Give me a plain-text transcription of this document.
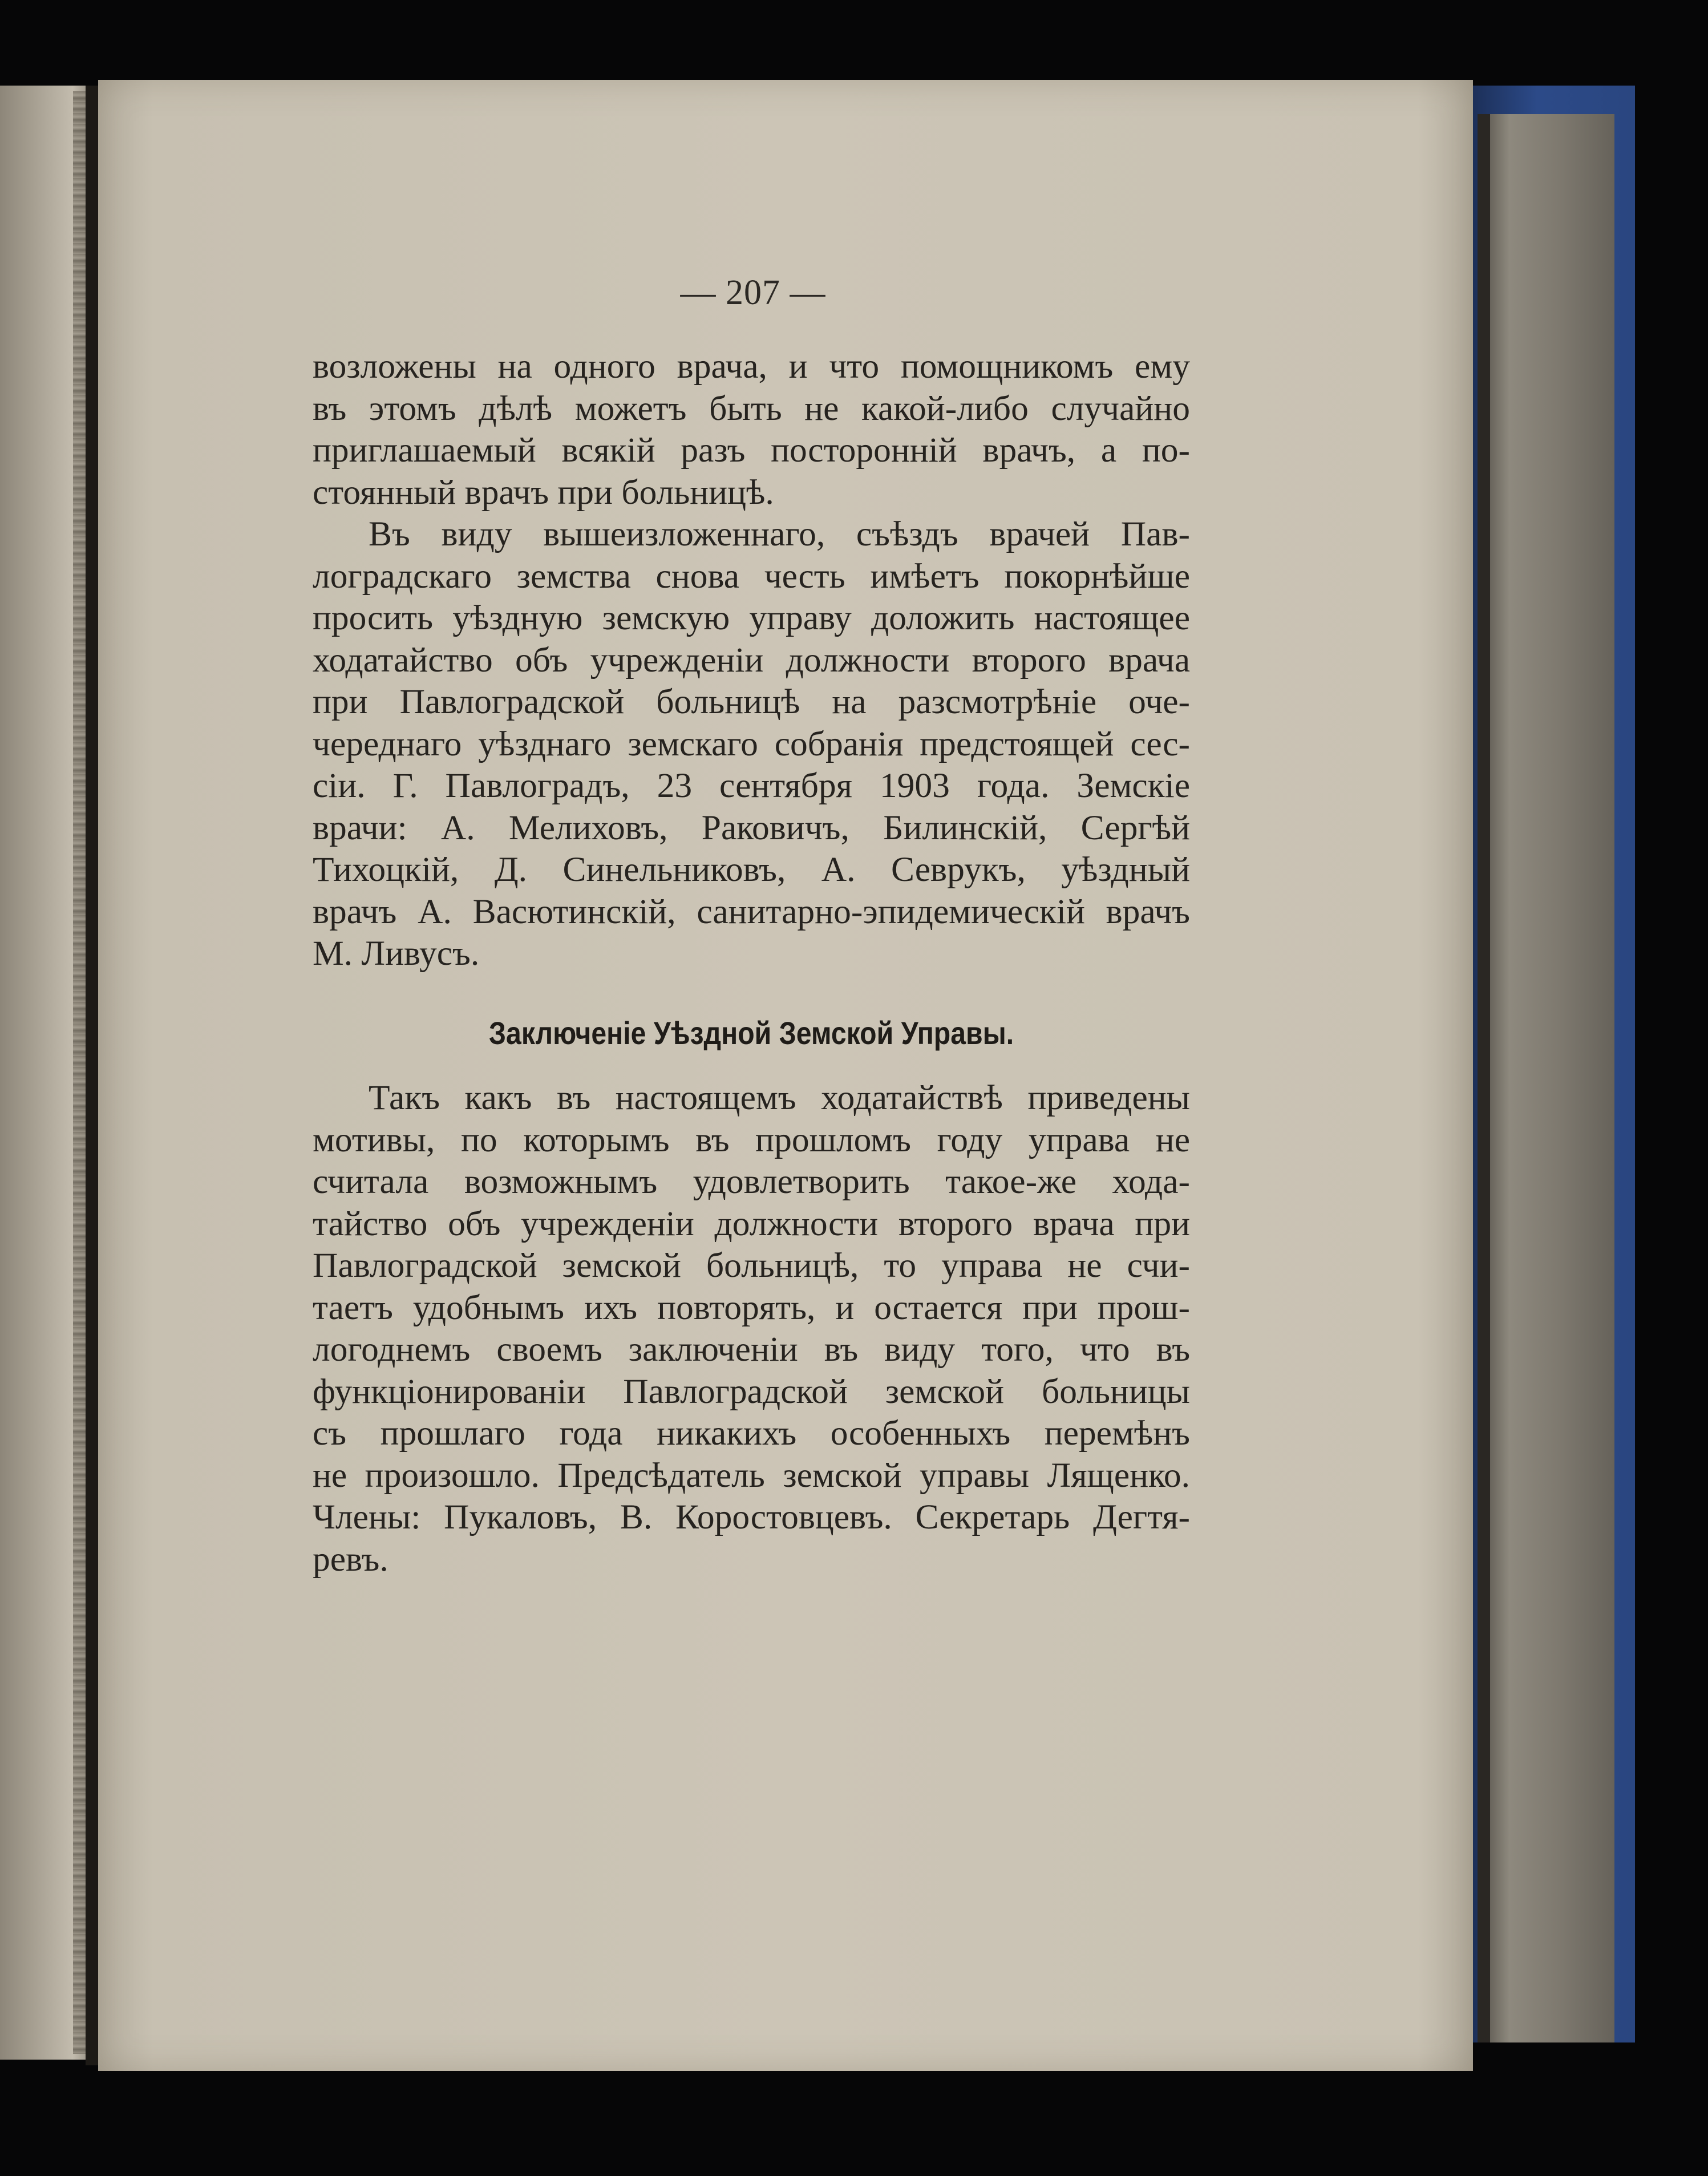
— 207 —
возложены на одного врача, и что помощникомъ ему
въ этомъ дѣлѣ можетъ быть не какой-либо случайно
приглашаемый всякій разъ посторонній врачъ, а по-
стоянный врачъ при больницѣ.
Въ виду вышеизложеннаго, съѣздъ врачей Пав-
лоградскаго земства снова честь имѣетъ покорнѣйше
просить уѣздную земскую управу доложить настоящее
ходатайство объ учрежденіи должности второго врача
при Павлоградской больницѣ на разсмотрѣніе оче-
череднаго уѣзднаго земскаго собранія предстоящей сес-
сіи. Г. Павлоградъ, 23 сентября 1903 года. Земскіе
врачи: А. Мелиховъ, Раковичъ, Билинскій, Сергѣй
Тихоцкій, Д. Синельниковъ, А. Севрукъ, уѣздный
врачъ А. Васютинскій, санитарно-эпидемическій врачъ
М. Ливусъ.
Заключеніе Уѣздной Земской Управы.
Такъ какъ въ настоящемъ ходатайствѣ приведены
мотивы, по которымъ въ прошломъ году управа не
считала возможнымъ удовлетворить такое-же хода-
тайство объ учрежденіи должности второго врача при
Павлоградской земской больницѣ, то управа не счи-
таетъ удобнымъ ихъ повторять, и остается при прош-
логоднемъ своемъ заключеніи въ виду того, что въ
функціонированіи Павлоградской земской больницы
съ прошлаго года никакихъ особенныхъ перемѣнъ
не произошло. Предсѣдатель земской управы Лященко.
Члены: Пукаловъ, В. Коростовцевъ. Секретарь Дегтя-
ревъ.
